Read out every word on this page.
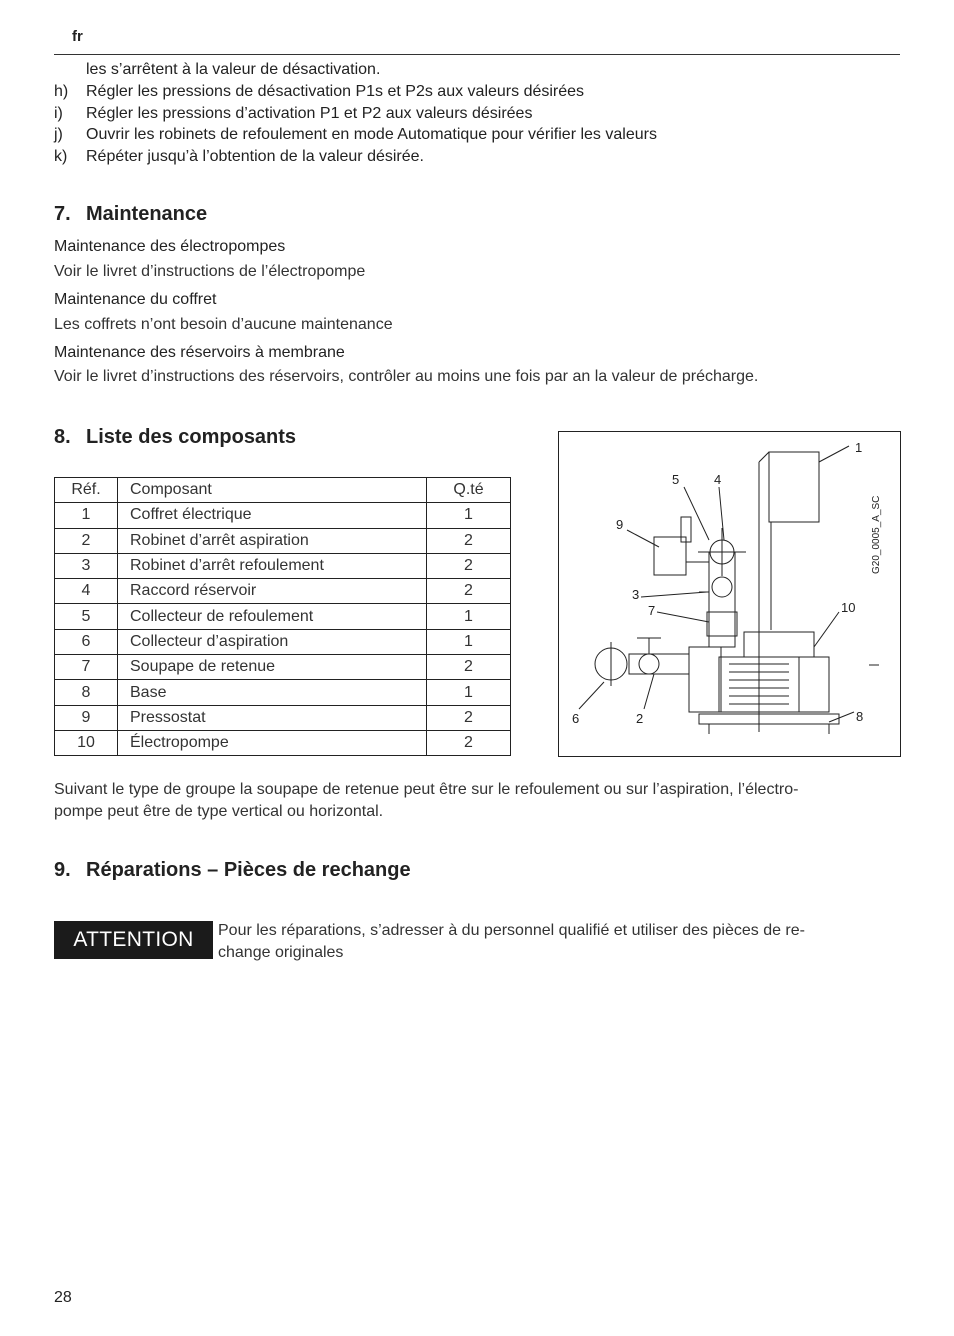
fr
les s’arrêtent à la valeur de désactivation.
h) Régler les pressions de désactivation P1s et P2s aux valeurs désirées
i) Régler les pressions d’activation P1 et P2 aux valeurs désirées
j) Ouvrir les robinets de refoulement en mode Automatique pour vérifier les valeurs
k) Répéter jusqu’à l’obtention de la valeur désirée.
7. Maintenance
Maintenance des électropompes
Voir le livret d’instructions de l’électropompe
Maintenance du coffret
Les coffrets n’ont besoin d’aucune maintenance
Maintenance des réservoirs à membrane
Voir le livret d’instructions des réservoirs, contrôler au moins une fois par an la valeur de précharge.
8. Liste des composants
Réf.	Composant	Q.té
1	Coffret électrique	1
2	Robinet d’arrêt aspiration	2
3	Robinet d’arrêt refoulement	2
4	Raccord réservoir	2
5	Collecteur de refoulement	1
6	Collecteur d’aspiration	1
7	Soupape de retenue	2
8	Base	1
9	Pressostat	2
10	Électropompe	2
1
2
3
4
5
6
7
8
9
10
G20_0005_A_SC
Suivant le type de groupe la soupape de retenue peut être sur le refoulement ou sur l’aspiration, l’électro-
pompe peut être de type vertical ou horizontal.
9. Réparations – Pièces de rechange
ATTENTION	Pour les réparations, s’adresser à du personnel qualifié et utiliser des pièces de re-
change originales
28
